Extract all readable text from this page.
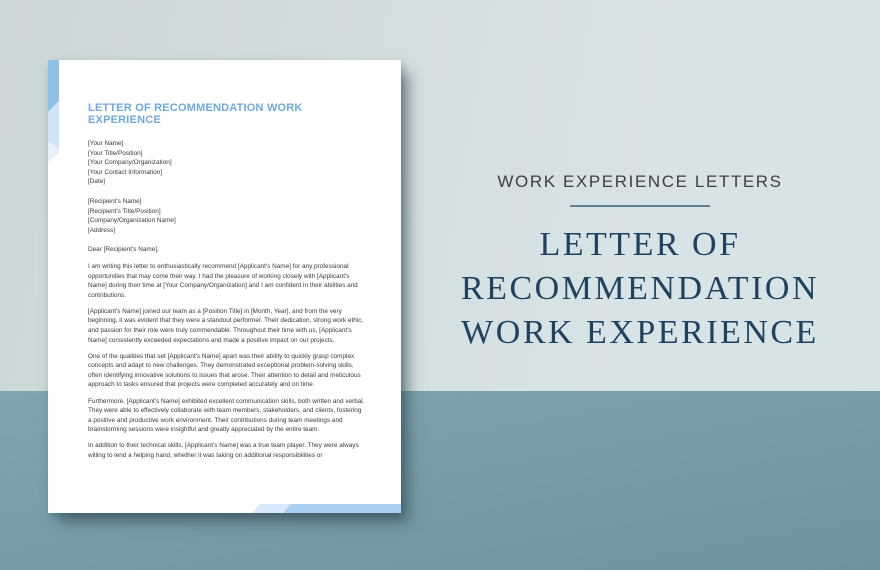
LETTER OF RECOMMENDATION WORK EXPERIENCE
[Your Name]
[Your Title/Position]
[Your Company/Organization]
[Your Contact Information]
[Date]
[Recipient's Name]
[Recipient's Title/Position]
[Company/Organization Name]
[Address]
Dear [Recipient's Name],

I am writing this letter to enthusiastically recommend [Applicant's Name] for any professional opportunities that may come their way. I had the pleasure of working closely with [Applicant's Name] during their time at [Your Company/Organization] and I am confident in their abilities and contributions.

[Applicant's Name] joined our team as a [Position Title] in [Month, Year], and from the very beginning, it was evident that they were a standout performer. Their dedication, strong work ethic, and passion for their role were truly commendable. Throughout their time with us, [Applicant's Name] consistently exceeded expectations and made a positive impact on our projects.

One of the qualities that set [Applicant's Name] apart was their ability to quickly grasp complex concepts and adapt to new challenges. They demonstrated exceptional problem-solving skills, often identifying innovative solutions to issues that arose. Their attention to detail and meticulous approach to tasks ensured that projects were completed accurately and on time.

Furthermore, [Applicant's Name] exhibited excellent communication skills, both written and verbal. They were able to effectively collaborate with team members, stakeholders, and clients, fostering a positive and productive work environment. Their contributions during team meetings and brainstorming sessions were insightful and greatly appreciated by the entire team.

In addition to their technical skills, [Applicant's Name] was a true team player. They were always willing to lend a helping hand, whether it was taking on additional responsibilities or

WORK EXPERIENCE LETTERS
LETTER OF
RECOMMENDATION
WORK EXPERIENCE
